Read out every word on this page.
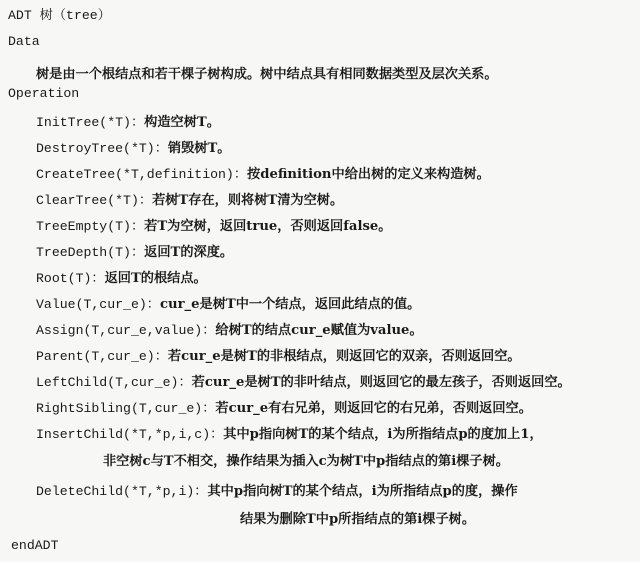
ADT 树（tree）
Data
树是由一个根结点和若干棵子树构成。树中结点具有相同数据类型及层次关系。
Operation
InitTree(*T)：构造空树T。
DestroyTree(*T)：销毁树T。
CreateTree(*T,definition)：按definition中给出树的定义来构造树。
ClearTree(*T)：若树T存在，则将树T清为空树。
TreeEmpty(T)：若T为空树，返回true，否则返回false。
TreeDepth(T)：返回T的深度。
Root(T)：返回T的根结点。
Value(T,cur_e)：cur_e是树T中一个结点，返回此结点的值。
Assign(T,cur_e,value)：给树T的结点cur_e赋值为value。
Parent(T,cur_e)：若cur_e是树T的非根结点，则返回它的双亲，否则返回空。
LeftChild(T,cur_e)：若cur_e是树T的非叶结点，则返回它的最左孩子，否则返回空。
RightSibling(T,cur_e)：若cur_e有右兄弟，则返回它的右兄弟，否则返回空。
InsertChild(*T,*p,i,c)：其中p指向树T的某个结点，i为所指结点p的度加上1，
非空树c与T不相交，操作结果为插入c为树T中p指结点的第i棵子树。
DeleteChild(*T,*p,i)：其中p指向树T的某个结点，i为所指结点p的度，操作
结果为删除T中p所指结点的第i棵子树。
endADT
